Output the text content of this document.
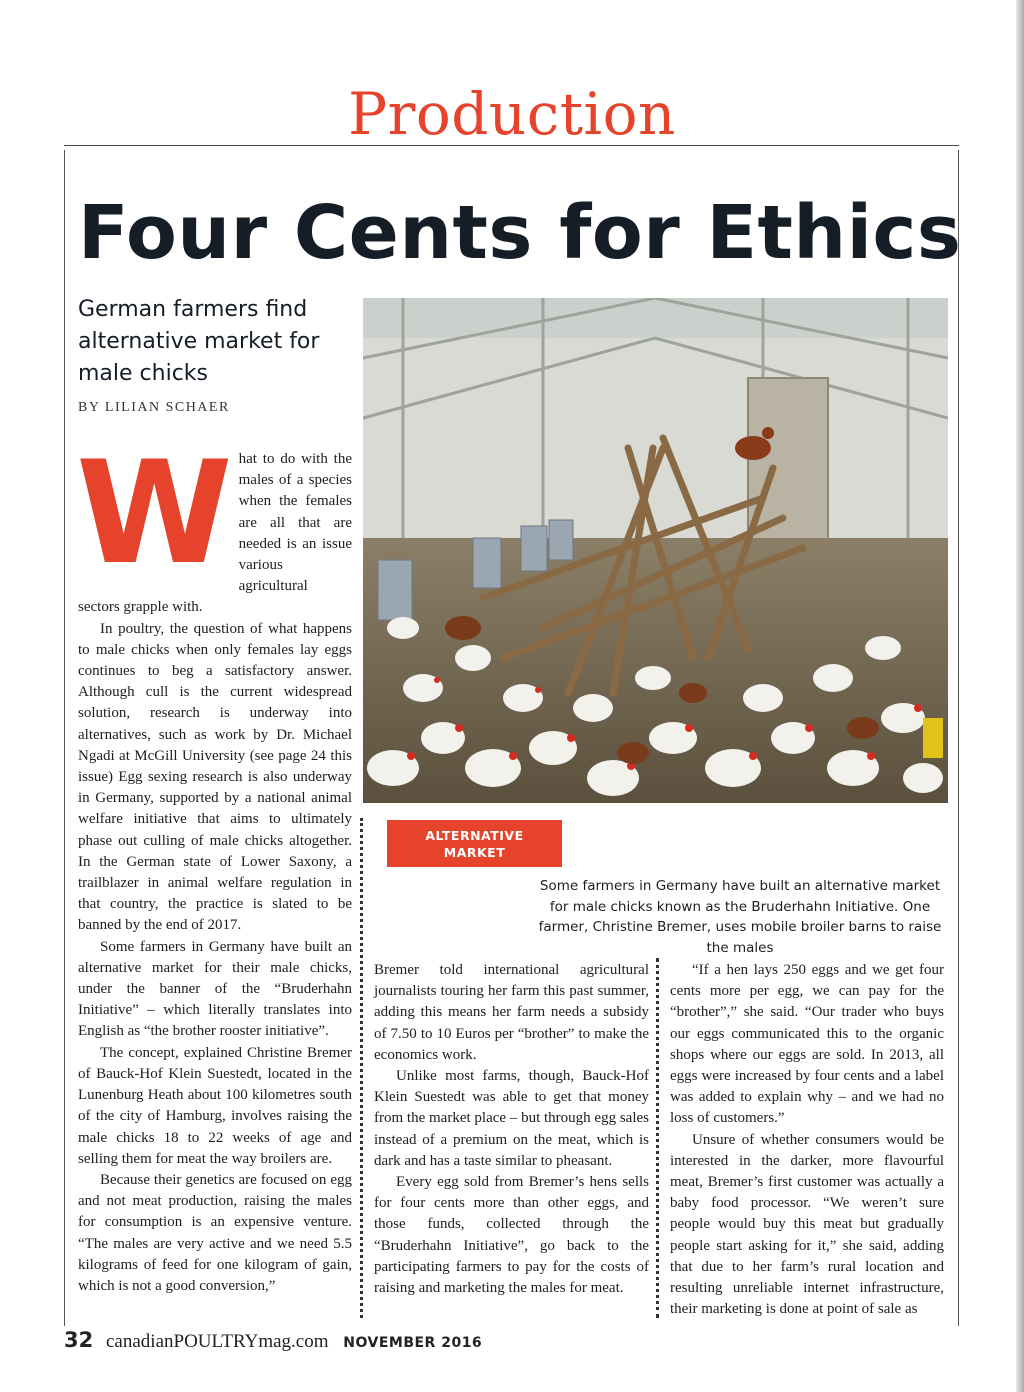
Production
Four Cents for Ethics

German farmers find alternative market for male chicks

BY LILIAN SCHAER
W hat to do with the males of a species when the females are all that are needed is an issue various agricultural sectors grapple with.

In poultry, the question of what happens to male chicks when only females lay eggs continues to beg a satisfactory answer. Although cull is the current widespread solution, research is underway into alternatives, such as work by Dr. Michael Ngadi at McGill University (see page 24 this issue) Egg sexing research is also underway in Germany, supported by a national animal welfare initiative that aims to ultimately phase out culling of male chicks altogether. In the German state of Lower Saxony, a trailblazer in animal welfare regulation in that country, the practice is slated to be banned by the end of 2017.

Some farmers in Germany have built an alternative market for their male chicks, under the banner of the “Bruderhahn Initiative” – which literally translates into English as “the brother rooster initiative”.

The concept, explained Christine Bremer of Bauck-Hof Klein Suestedt, located in the Lunenburg Heath about 100 kilometres south of the city of Hamburg, involves raising the male chicks 18 to 22 weeks of age and selling them for meat the way broilers are.

Because their genetics are focused on egg and not meat production, raising the males for consumption is an expensive venture. “The males are very active and we need 5.5 kilograms of feed for one kilogram of gain, which is not a good conversion,”

ALTERNATIVE
MARKET
Some farmers in Germany have built an alternative market for male chicks known as the Bruderhahn Initiative. One farmer, Christine Bremer, uses mobile broiler barns to raise the males

Bremer told international agricultural journalists touring her farm this past summer, adding this means her farm needs a subsidy of 7.50 to 10 Euros per “brother” to make the economics work.

Unlike most farms, though, Bauck-Hof Klein Suestedt was able to get that money from the market place – but through egg sales instead of a premium on the meat, which is dark and has a taste similar to pheasant.

Every egg sold from Bremer’s hens sells for four cents more than other eggs, and those funds, collected through the “Bruderhahn Initiative”, go back to the participating farmers to pay for the costs of raising and marketing the males for meat.

“If a hen lays 250 eggs and we get four cents more per egg, we can pay for the “brother”,” she said. “Our trader who buys our eggs communicated this to the organic shops where our eggs are sold. In 2013, all eggs were increased by four cents and a label was added to explain why – and we had no loss of customers.”

Unsure of whether consumers would be interested in the darker, more flavourful meat, Bremer’s first customer was actually a baby food processor. “We weren’t sure people would buy this meat but gradually people start asking for it,” she said, adding that due to her farm’s rural location and resulting unreliable internet infrastructure, their marketing is done at point of sale as

32 canadianPOULTRYmag.com NOVEMBER 2016
